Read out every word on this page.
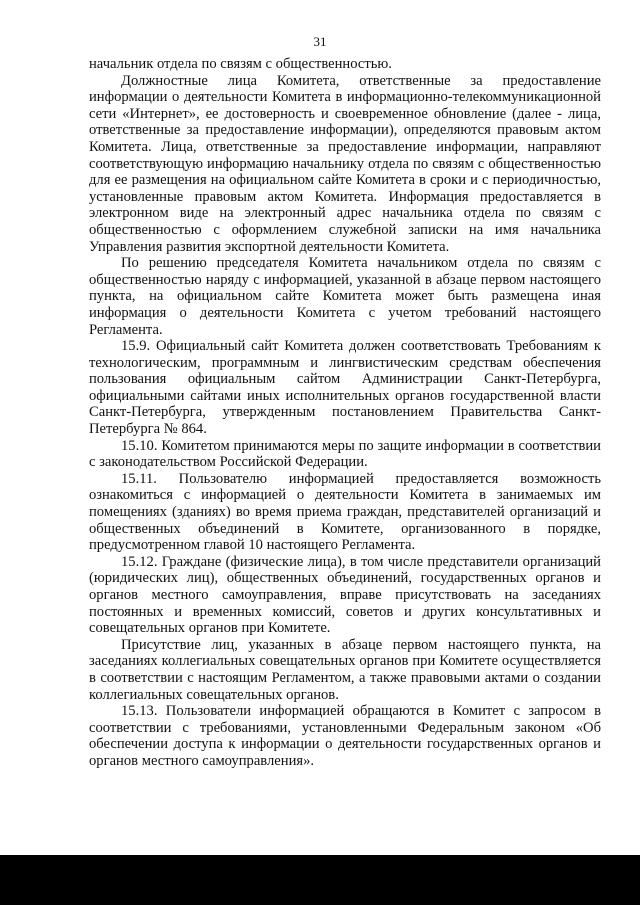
31

начальник отдела по связям с общественностью.

Должностные лица Комитета, ответственные за предоставление информации о деятельности Комитета в информационно-телекоммуникационной сети «Интернет», ее достоверность и своевременное обновление (далее - лица, ответственные за предоставление информации), определяются правовым актом Комитета. Лица, ответственные за предоставление информации, направляют соответствующую информацию начальнику отдела по связям с общественностью для ее размещения на официальном сайте Комитета в сроки и с периодичностью, установленные правовым актом Комитета. Информация предоставляется в электронном виде на электронный адрес начальника отдела по связям с общественностью с оформлением служебной записки на имя начальника Управления развития экспортной деятельности Комитета.

По решению председателя Комитета начальником отдела по связям с общественностью наряду с информацией, указанной в абзаце первом настоящего пункта, на официальном сайте Комитета может быть размещена иная информация о деятельности Комитета с учетом требований настоящего Регламента.

15.9. Официальный сайт Комитета должен соответствовать Требованиям к технологическим, программным и лингвистическим средствам обеспечения пользования официальным сайтом Администрации Санкт-Петербурга, официальными сайтами иных исполнительных органов государственной власти Санкт-Петербурга, утвержденным постановлением Правительства Санкт-Петербурга № 864.

15.10. Комитетом принимаются меры по защите информации в соответствии с законодательством Российской Федерации.

15.11. Пользователю информацией предоставляется возможность ознакомиться с информацией о деятельности Комитета в занимаемых им помещениях (зданиях) во время приема граждан, представителей организаций и общественных объединений в Комитете, организованного в порядке, предусмотренном главой 10 настоящего Регламента.

15.12. Граждане (физические лица), в том числе представители организаций (юридических лиц), общественных объединений, государственных органов и органов местного самоуправления, вправе присутствовать на заседаниях постоянных и временных комиссий, советов и других консультативных и совещательных органов при Комитете.

Присутствие лиц, указанных в абзаце первом настоящего пункта, на заседаниях коллегиальных совещательных органов при Комитете осуществляется в соответствии с настоящим Регламентом, а также правовыми актами о создании коллегиальных совещательных органов.

15.13. Пользователи информацией обращаются в Комитет с запросом в соответствии с требованиями, установленными Федеральным законом «Об обеспечении доступа к информации о деятельности государственных органов и органов местного самоуправления».
